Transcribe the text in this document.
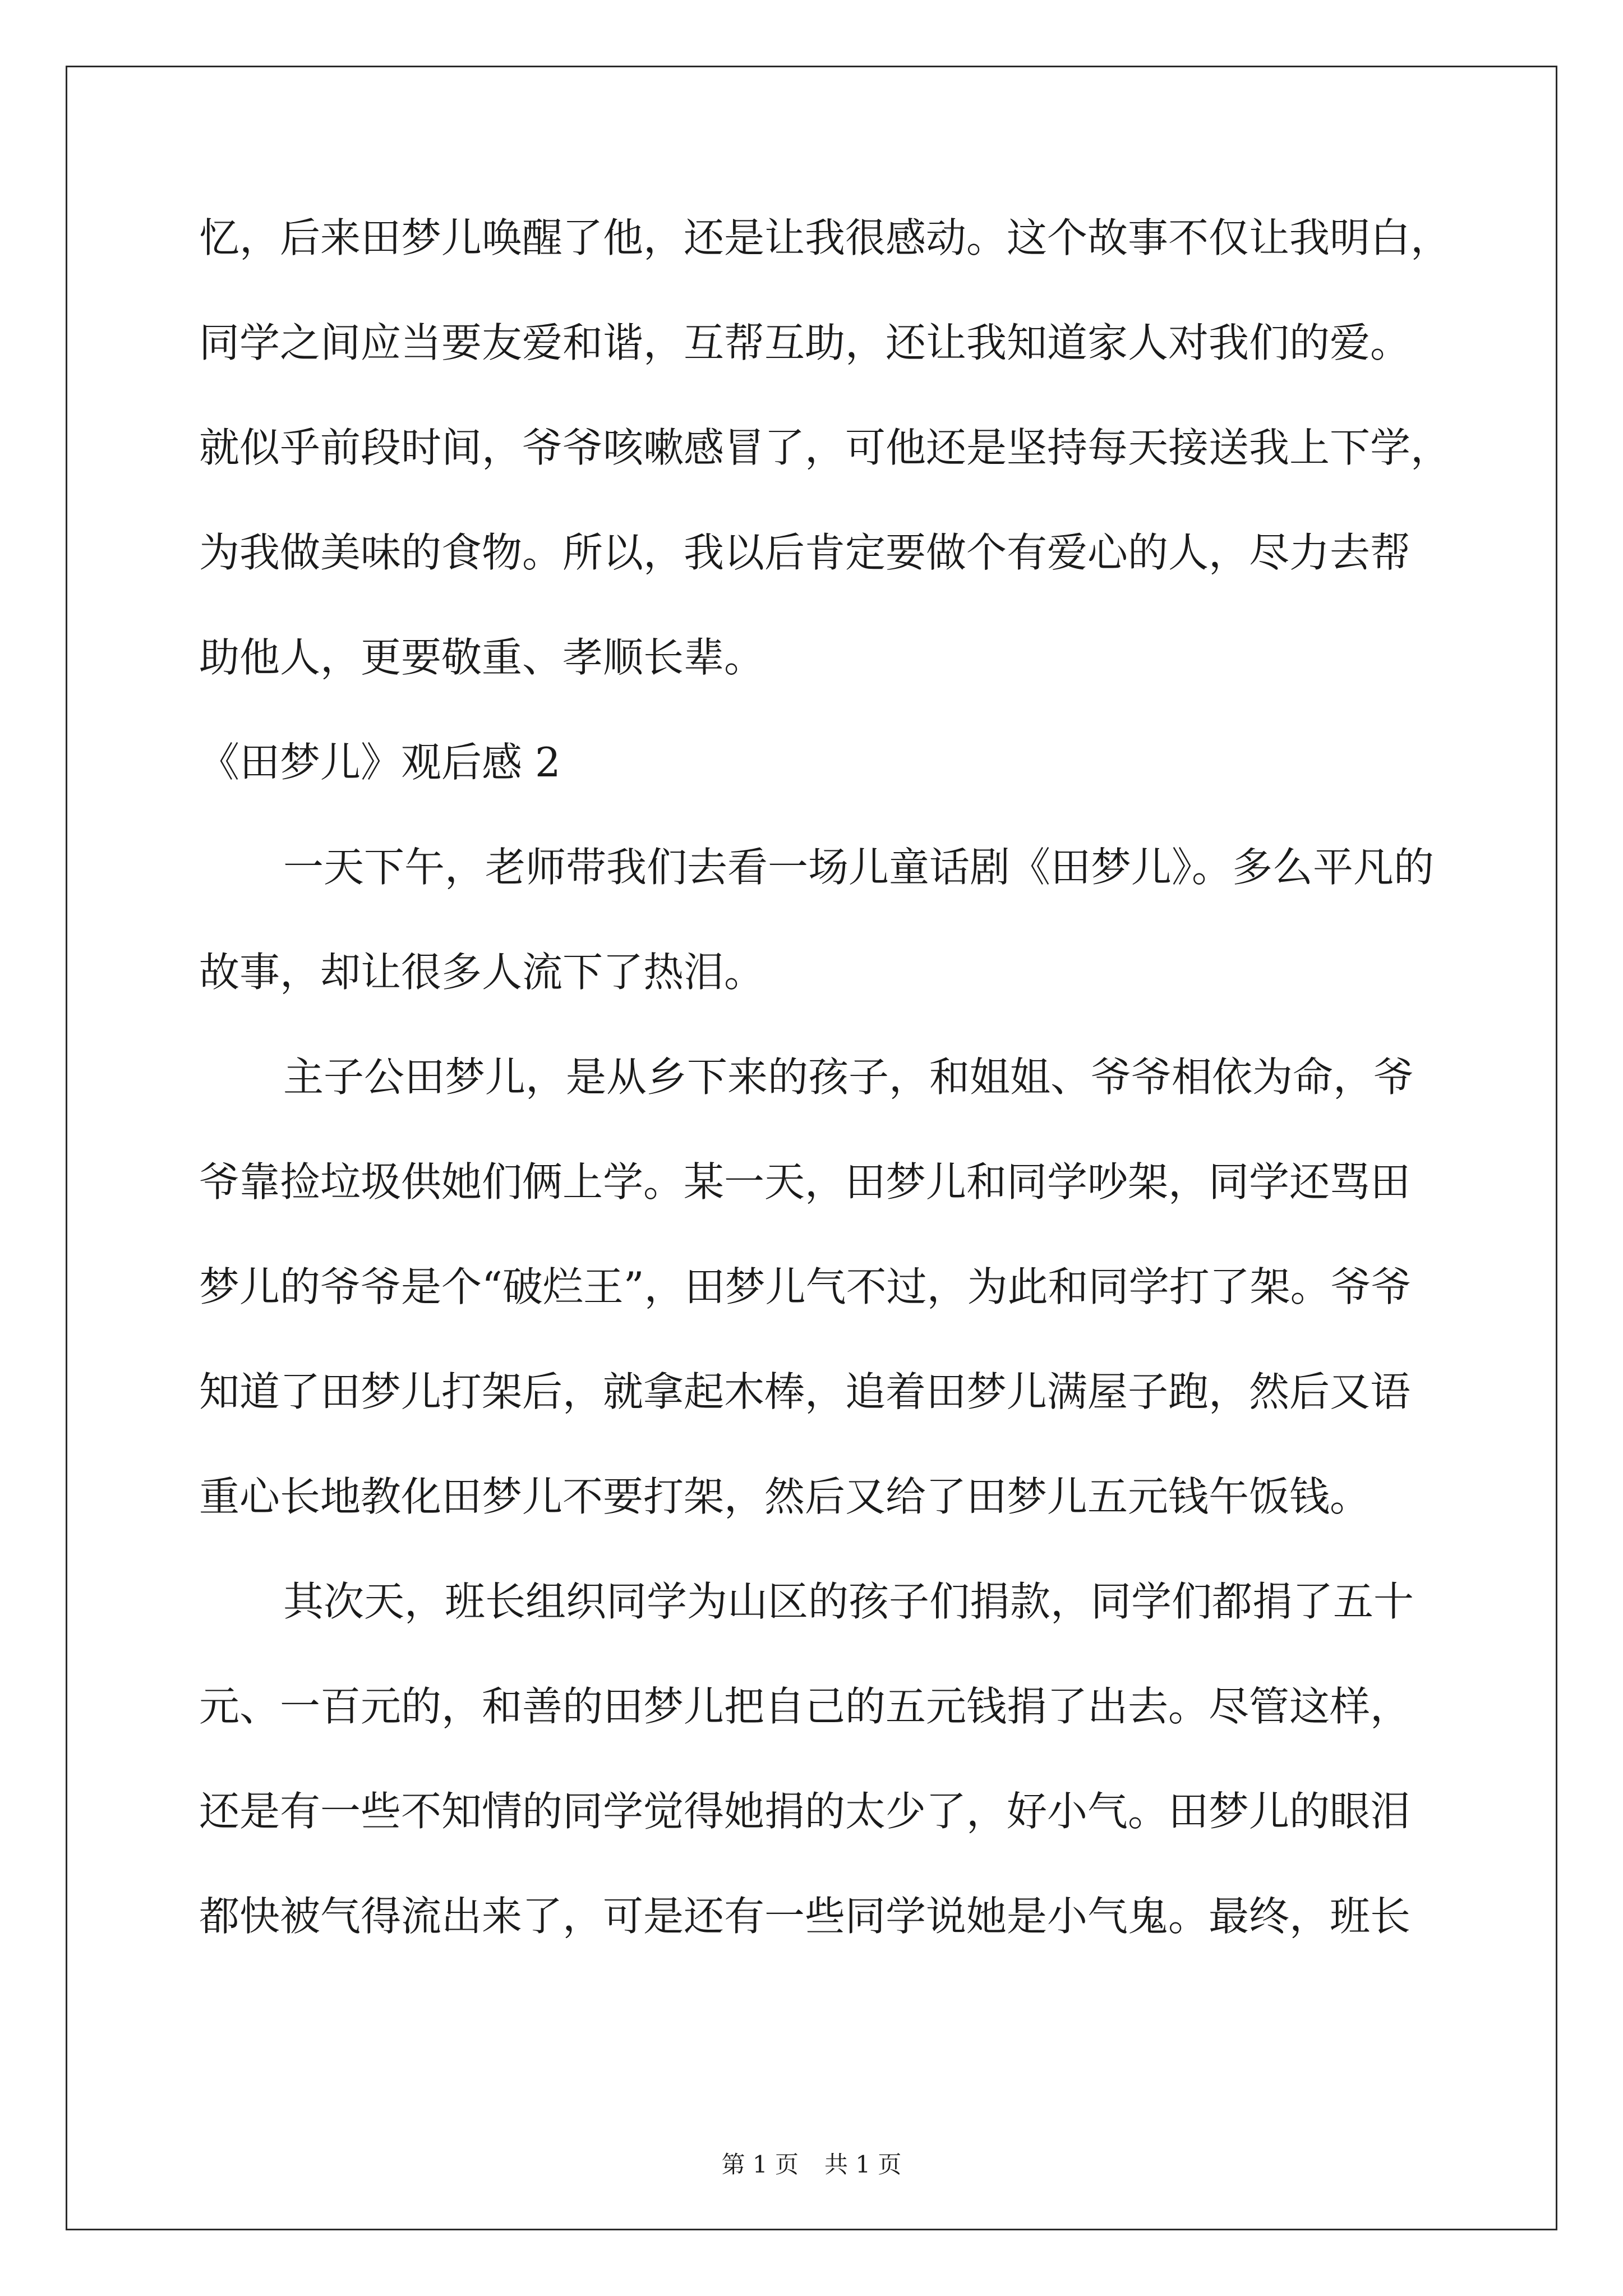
忆，后来田梦儿唤醒了他，还是让我很感动。这个故事不仅让我明白，
同学之间应当要友爱和谐，互帮互助，还让我知道家人对我们的爱。
就似乎前段时间，爷爷咳嗽感冒了，可他还是坚持每天接送我上下学，
为我做美味的食物。所以，我以后肯定要做个有爱心的人，尽力去帮
助他人，更要敬重、孝顺长辈。
《田梦儿》观后感 2
一天下午，老师带我们去看一场儿童话剧《田梦儿》。多么平凡的
故事，却让很多人流下了热泪。
主子公田梦儿，是从乡下来的孩子，和姐姐、爷爷相依为命，爷
爷靠捡垃圾供她们俩上学。某一天，田梦儿和同学吵架，同学还骂田
梦儿的爷爷是个“破烂王”，田梦儿气不过，为此和同学打了架。爷爷
知道了田梦儿打架后，就拿起木棒，追着田梦儿满屋子跑，然后又语
重心长地教化田梦儿不要打架，然后又给了田梦儿五元钱午饭钱。
其次天，班长组织同学为山区的孩子们捐款，同学们都捐了五十
元、一百元的，和善的田梦儿把自己的五元钱捐了出去。尽管这样，
还是有一些不知情的同学觉得她捐的太少了，好小气。田梦儿的眼泪
都快被气得流出来了，可是还有一些同学说她是小气鬼。最终，班长
第 1 页 共 1 页
